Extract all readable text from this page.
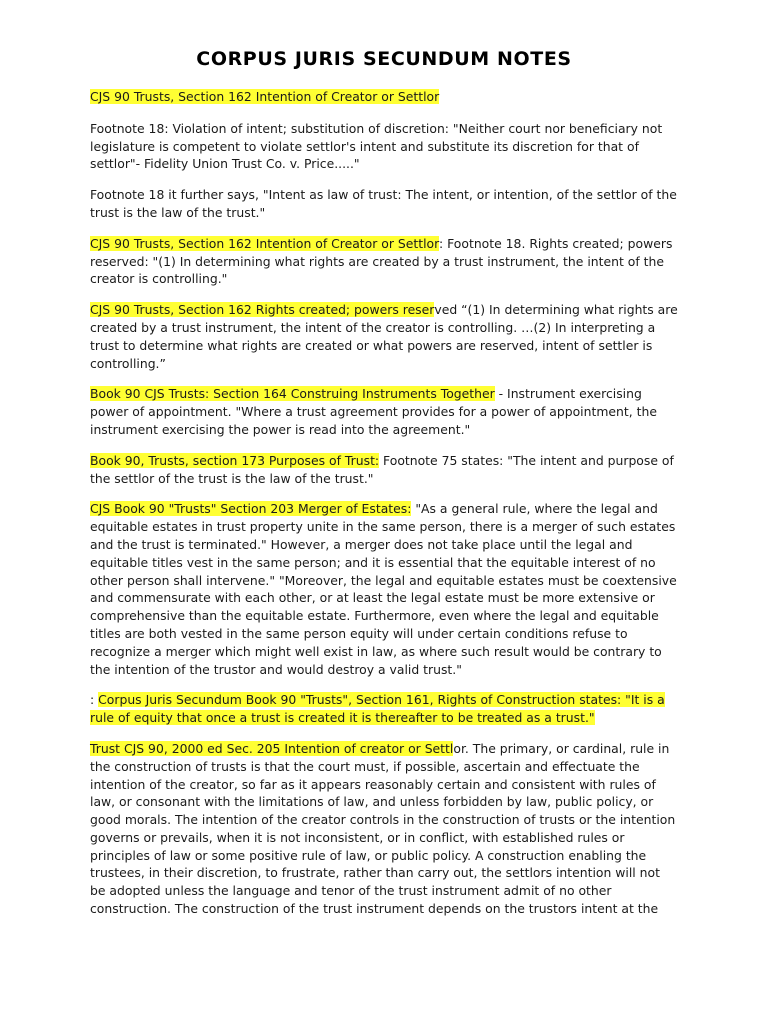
CORPUS JURIS SECUNDUM NOTES

CJS 90 Trusts, Section 162 Intention of Creator or Settlor

Footnote 18: Violation of intent; substitution of discretion: "Neither court nor beneficiary not legislature is competent to violate settlor's intent and substitute its discretion for that of settlor"- Fidelity Union Trust Co. v. Price....."

Footnote 18 it further says, "Intent as law of trust: The intent, or intention, of the settlor of the trust is the law of the trust."

CJS 90 Trusts, Section 162 Intention of Creator or Settlor: Footnote 18. Rights created; powers reserved: "(1) In determining what rights are created by a trust instrument, the intent of the creator is controlling."

CJS 90 Trusts, Section 162 Rights created; powers reserved “(1) In determining what rights are created by a trust instrument, the intent of the creator is controlling. …(2) In interpreting a trust to determine what rights are created or what powers are reserved, intent of settler is controlling.”

Book 90 CJS Trusts: Section 164 Construing Instruments Together - Instrument exercising power of appointment. "Where a trust agreement provides for a power of appointment, the instrument exercising the power is read into the agreement."

Book 90, Trusts, section 173 Purposes of Trust: Footnote 75 states: "The intent and purpose of the settlor of the trust is the law of the trust."

CJS Book 90 "Trusts" Section 203 Merger of Estates: "As a general rule, where the legal and equitable estates in trust property unite in the same person, there is a merger of such estates and the trust is terminated." However, a merger does not take place until the legal and equitable titles vest in the same person; and it is essential that the equitable interest of no other person shall intervene." "Moreover, the legal and equitable estates must be coextensive and commensurate with each other, or at least the legal estate must be more extensive or comprehensive than the equitable estate. Furthermore, even where the legal and equitable titles are both vested in the same person equity will under certain conditions refuse to recognize a merger which might well exist in law, as where such result would be contrary to the intention of the trustor and would destroy a valid trust."

: Corpus Juris Secundum Book 90 "Trusts", Section 161, Rights of Construction states: "It is a rule of equity that once a trust is created it is thereafter to be treated as a trust."

Trust CJS 90, 2000 ed Sec. 205 Intention of creator or Settlor. The primary, or cardinal, rule in the construction of trusts is that the court must, if possible, ascertain and effectuate the intention of the creator, so far as it appears reasonably certain and consistent with rules of law, or consonant with the limitations of law, and unless forbidden by law, public policy, or good morals. The intention of the creator controls in the construction of trusts or the intention governs or prevails, when it is not inconsistent, or in conflict, with established rules or principles of law or some positive rule of law, or public policy. A construction enabling the trustees, in their discretion, to frustrate, rather than carry out, the settlors intention will not be adopted unless the language and tenor of the trust instrument admit of no other construction. The construction of the trust instrument depends on the trustors intent at the
